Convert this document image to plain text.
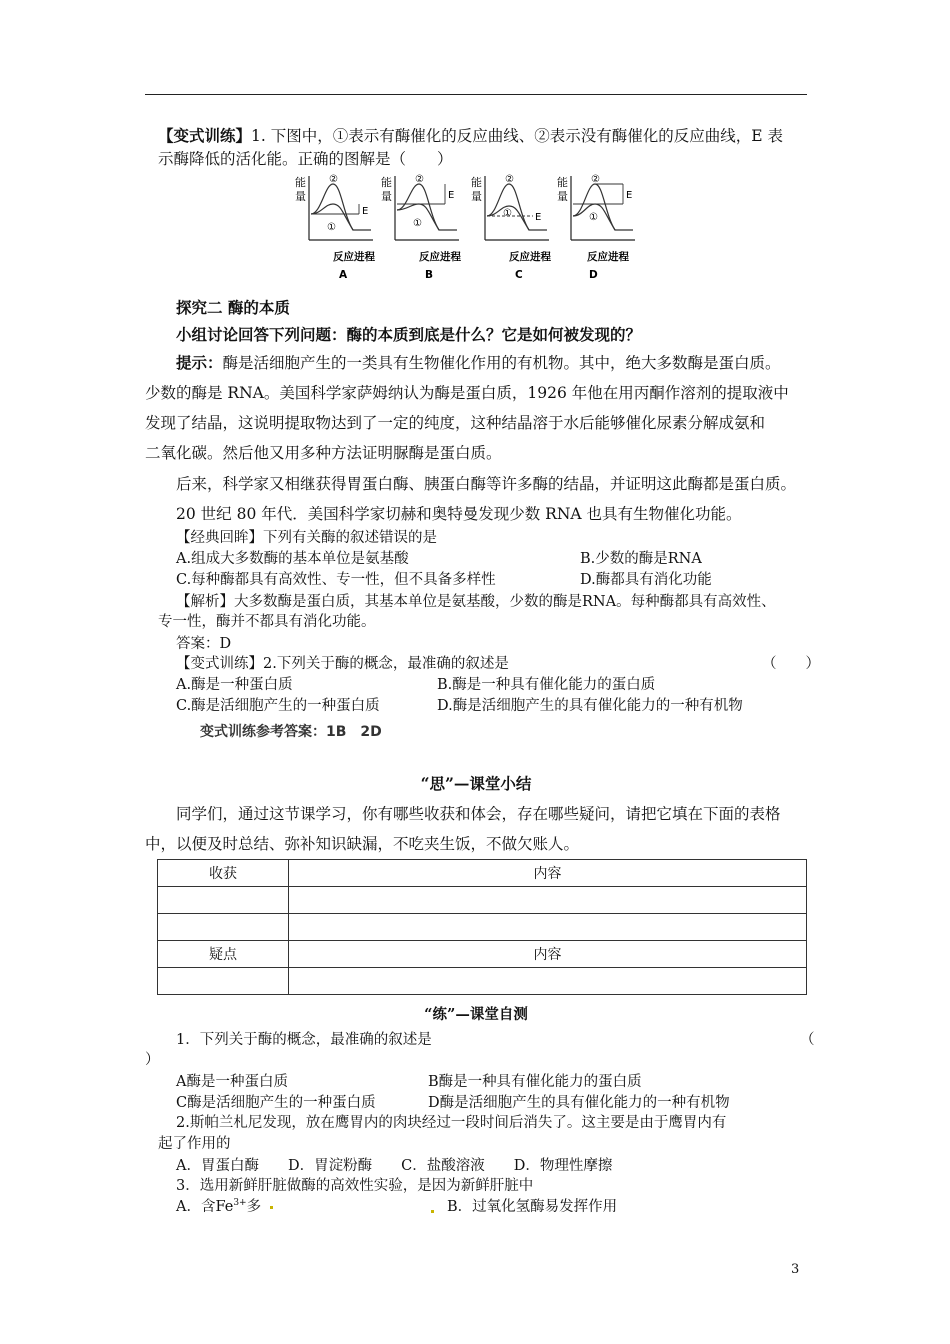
【变式训练】1. 下图中，①表示有酶催化的反应曲线、②表示没有酶催化的反应曲线，E 表

示酶降低的活化能。正确的图解是（　　）

能
量
②
①
E
反应进程
A
能
量
②
①
E
反应进程
B
能
量
②
① E
反应进程
C
能
量
②
①
E
反应进程
D

探究二 酶的本质

小组讨论回答下列问题：酶的本质到底是什么？它是如何被发现的？

提示：酶是活细胞产生的一类具有生物催化作用的有机物。其中，绝大多数酶是蛋白质。

少数的酶是 RNA。美国科学家萨姆纳认为酶是蛋白质，1926 年他在用丙酮作溶剂的提取液中

发现了结晶，这说明提取物达到了一定的纯度，这种结晶溶于水后能够催化尿素分解成氨和

二氧化碳。然后他又用多种方法证明脲酶是蛋白质。

后来，科学家又相继获得胃蛋白酶、胰蛋白酶等许多酶的结晶，并证明这此酶都是蛋白质。

20 世纪 80 年代．美国科学家切赫和奥特曼发现少数 RNA 也具有生物催化功能。

【经典回眸】下列有关酶的叙述错误的是

A.组成大多数酶的基本单位是氨基酸	B.少数的酶是RNA

C.每种酶都具有高效性、专一性，但不具备多样性	D.酶都具有消化功能

【解析】大多数酶是蛋白质，其基本单位是氨基酸，少数的酶是RNA。每种酶都具有高效性、

专一性，酶并不都具有消化功能。

答案：D

【变式训练】2.下列关于酶的概念，最准确的叙述是	（　　）

A.酶是一种蛋白质	B.酶是一种具有催化能力的蛋白质

C.酶是活细胞产生的一种蛋白质	D.酶是活细胞产生的具有催化能力的一种有机物

变式训练参考答案：1B　2D

“思”—课堂小结

同学们，通过这节课学习，你有哪些收获和体会，存在哪些疑问，请把它填在下面的表格

中，以便及时总结、弥补知识缺漏，不吃夹生饭，不做欠账人。

收获	内容

疑点	内容

“练”—课堂自测

1．下列关于酶的概念，最准确的叙述是	（

）

A酶是一种蛋白质	B酶是一种具有催化能力的蛋白质

C酶是活细胞产生的一种蛋白质	D酶是活细胞产生的具有催化能力的一种有机物

2.斯帕兰札尼发现，放在鹰胃内的肉块经过一段时间后消失了。这主要是由于鹰胃内有

起了作用的

A．胃蛋白酶　　D．胃淀粉酶　　C．盐酸溶液　　D．物理性摩擦

3．选用新鲜肝脏做酶的高效性实验，是因为新鲜肝脏中

A．含$Fe^{3+}$多	B．过氧化氢酶易发挥作用

3
